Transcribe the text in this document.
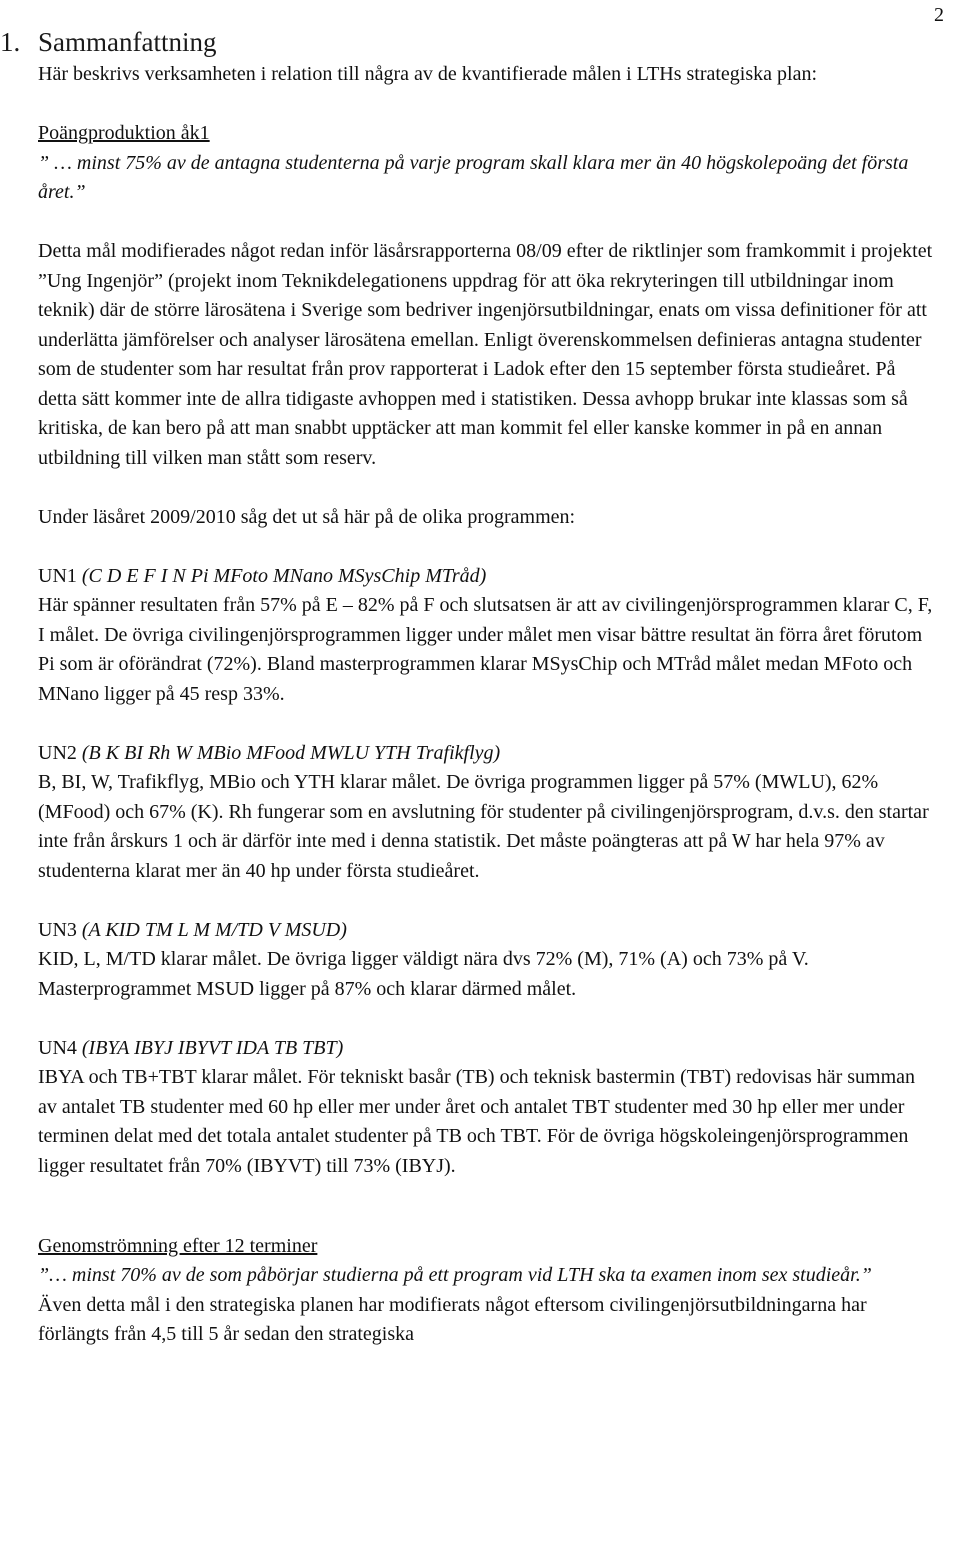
2
1. Sammanfattning

Här beskrivs verksamheten i relation till några av de kvantifierade målen i LTHs strategiska plan:

Poängproduktion åk1

” … minst 75% av de antagna studenterna på varje program skall klara mer än 40 högskolepoäng det första året.”

Detta mål modifierades något redan inför läsårsrapporterna 08/09 efter de riktlinjer som framkommit i projektet ”Ung Ingenjör” (projekt inom Teknikdelegationens uppdrag för att öka rekryteringen till utbildningar inom teknik) där de större lärosätena i Sverige som bedriver ingenjörsutbildningar, enats om vissa definitioner för att underlätta jämförelser och analyser lärosätena emellan. Enligt överenskommelsen definieras antagna studenter som de studenter som har resultat från prov rapporterat i Ladok efter den 15 september första studieåret. På detta sätt kommer inte de allra tidigaste avhoppen med i statistiken. Dessa avhopp brukar inte klassas som så kritiska, de kan bero på att man snabbt upptäcker att man kommit fel eller kanske kommer in på en annan utbildning till vilken man stått som reserv.

Under läsåret 2009/2010 såg det ut så här på de olika programmen:

UN1 (C D E F I N Pi MFoto MNano MSysChip MTråd)

Här spänner resultaten från 57% på E – 82% på F och slutsatsen är att av civilingenjörsprogrammen klarar C, F, I målet. De övriga civilingenjörsprogrammen ligger under målet men visar bättre resultat än förra året förutom Pi som är oförändrat (72%). Bland masterprogrammen klarar MSysChip och MTråd målet medan MFoto och MNano ligger på 45 resp 33%.

UN2 (B K BI Rh W MBio MFood MWLU YTH Trafikflyg)

B, BI, W, Trafikflyg, MBio och YTH klarar målet. De övriga programmen ligger på 57% (MWLU), 62% (MFood) och 67% (K). Rh fungerar som en avslutning för studenter på civilingenjörsprogram, d.v.s. den startar inte från årskurs 1 och är därför inte med i denna statistik. Det måste poängteras att på W har hela 97% av studenterna klarat mer än 40 hp under första studieåret.

UN3 (A KID TM L M M/TD V MSUD)

KID, L, M/TD klarar målet. De övriga ligger väldigt nära dvs 72% (M), 71% (A) och 73% på V. Masterprogrammet MSUD ligger på 87% och klarar därmed målet.

UN4 (IBYA IBYJ IBYVT IDA TB TBT)

IBYA och TB+TBT klarar målet. För tekniskt basår (TB) och teknisk bastermin (TBT) redovisas här summan av antalet TB studenter med 60 hp eller mer under året och antalet TBT studenter med 30 hp eller mer under terminen delat med det totala antalet studenter på TB och TBT. För de övriga högskoleingenjörsprogrammen ligger resultatet från 70% (IBYVT) till 73% (IBYJ).

Genomströmning efter 12 terminer

”… minst 70% av de som påbörjar studierna på ett program vid LTH ska ta examen inom sex studieår.”

Även detta mål i den strategiska planen har modifierats något eftersom civilingenjörsutbildningarna har förlängts från 4,5 till 5 år sedan den strategiska
